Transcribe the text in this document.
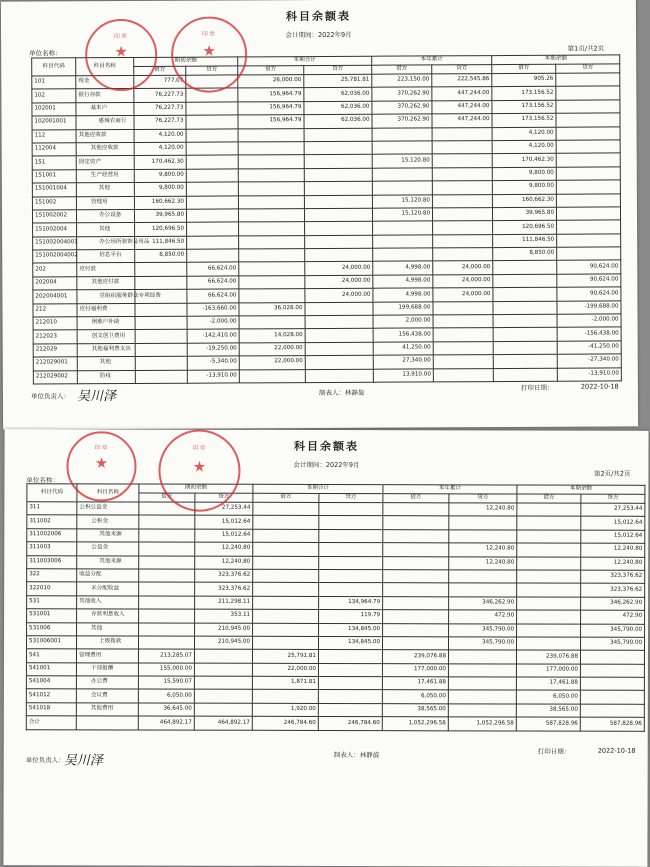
科目余额表
会计期间：2022年9月
单位名称：
第1页/共2页
科目代码	科目名称	期初余额		本期合计		本年累计		本期余额	
		借方	贷方	借方	贷方	借方	贷方	借方	贷方
101	现金	777.07		26,000.00	25,781.81	223,150.00	222,545.86	905.26	
102	银行存款	76,227.73		156,964.79	62,036.00	370,262.90	447,244.00	173,156.52	
102001	基本户	76,227.73		156,964.79	62,036.00	370,262.90	447,244.00	173,156.52	
102001001	惠城农商行	76,227.73		156,964.79	62,036.00	370,262.90	447,244.00	173,156.52	
112	其他应收款	4,120.00						4,120.00	
112004	其他应收款	4,120.00						4,120.00	
151	固定资产	170,462.30				15,120.80		170,462.30	
151001	生产经营用	9,800.00						9,800.00	
151001004	其他	9,800.00						9,800.00	
151002	管理用	160,662.30				15,120.80		160,662.30	
151002002	办公设备	39,965.80				15,120.80		39,965.80	
151002004	其他	120,696.50						120,696.50	
151002004001	办公场所装饰及用品	111,846.50						111,846.50	
151002004002	信息平台	8,850.00						8,850.00	
202	应付款		66,624.00		24,000.00	4,998.00	24,000.00		90,624.00
202004	其他应付款		66,624.00		24,000.00	4,998.00	24,000.00		90,624.00
202004001	党组织服务群众专项经费		66,624.00		24,000.00	4,998.00	24,000.00		90,624.00
212	应付福利费		-163,660.00	36,028.00		199,688.00			-199,688.00
212010	困难户补助		-2,000.00			2,000.00			-2,000.00
212023	创文创卫费用		-142,410.00	14,028.00		156,438.00			-156,438.00
212029	其他福利费支出		-19,250.00	22,000.00		41,250.00			-41,250.00
212029001	其他		-5,340.00	22,000.00		27,340.00			-27,340.00
212029002	防疫		-13,910.00			13,910.00			-13,910.00
单位负责人： 吴川泽	制表人：林静旋
打印日期：	2022-10-18
印章	印章
科目余额表
会计期间：2022年9月
单位名称：
第2页/共2页
科目代码	科目名称	期初余额		本期合计		本年累计		本期余额	
		借方	贷方	借方	贷方	借方	贷方	借方	贷方
311	公积公益金		27,253.44				12,240.80		27,253.44
311002	公积金		15,012.64						15,012.64
311002006	其他来源		15,012.64						15,012.64
311003	公益金		12,240.80				12,240.80		12,240.80
311003006	其他来源		12,240.80				12,240.80		12,240.80
322	收益分配		323,376.62						323,376.62
322010	未分配收益		323,376.62						323,376.62
531	其他收入		211,298.11		134,964.79		346,262.90		346,262.90
531001	存款利息收入		353.11		119.79		472.90		472.90
531006	其他		210,945.00		134,845.00		345,790.00		345,790.00
531006001	上级拨款		210,945.00		134,845.00		345,790.00		345,790.00
541	管理费用	213,285.07		25,791.81		239,076.88		239,076.88	
541001	干部报酬	155,000.00		22,000.00		177,000.00		177,000.00	
541004	办公费	15,590.07		1,871.81		17,461.88		17,461.88	
541012	会议费	6,050.00				6,050.00		6,050.00	
541018	其他费用	36,645.00		1,920.00		38,565.00		38,565.00	
合计		464,892.17	464,892.17	246,784.60	246,784.60	1,052,296.58	1,052,296.58	587,828.96	587,828.96
单位负责人：
吴川泽	制表人：林静旋	打印日期：	2022-10-18
印章	印章
